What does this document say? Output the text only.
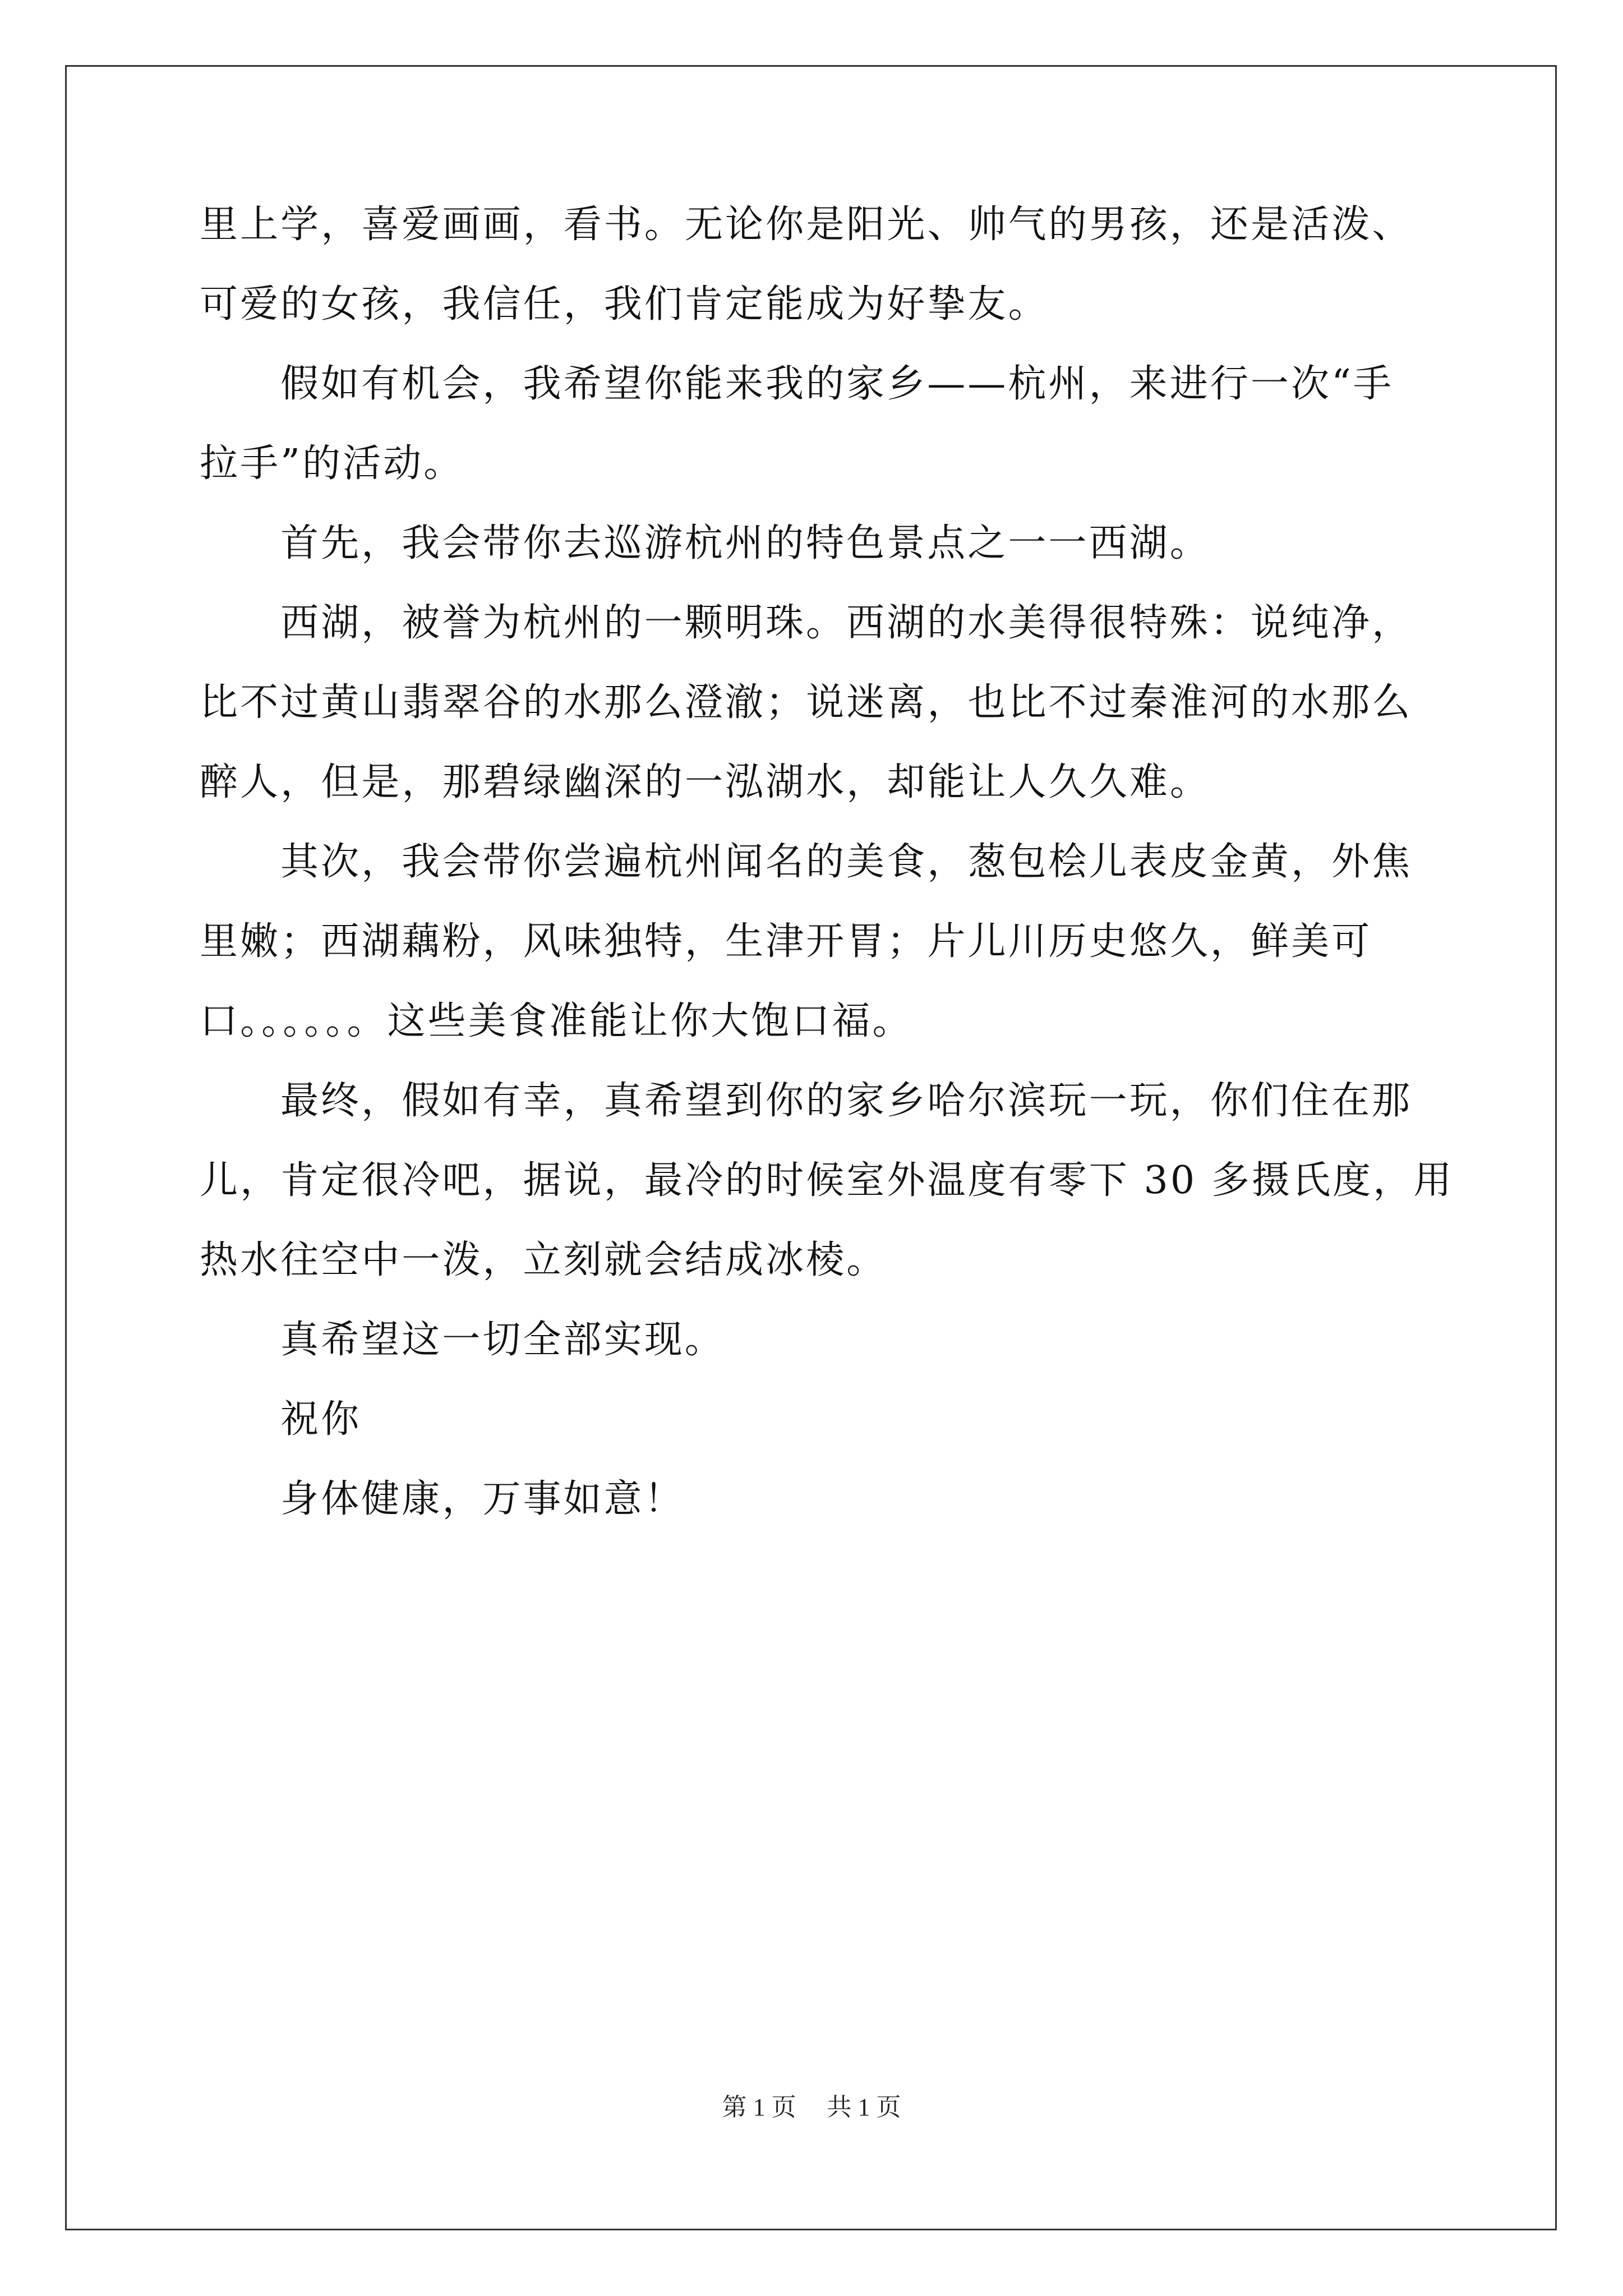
里上学，喜爱画画，看书。无论你是阳光、帅气的男孩，还是活泼、
可爱的女孩，我信任，我们肯定能成为好挚友。
假如有机会，我希望你能来我的家乡——杭州，来进行一次“手
拉手”的活动。
首先，我会带你去巡游杭州的特色景点之一一西湖。
西湖，被誉为杭州的一颗明珠。西湖的水美得很特殊：说纯净，
比不过黄山翡翠谷的水那么澄澈；说迷离，也比不过秦淮河的水那么
醉人，但是，那碧绿幽深的一泓湖水，却能让人久久难。
其次，我会带你尝遍杭州闻名的美食，葱包桧儿表皮金黄，外焦
里嫩；西湖藕粉，风味独特，生津开胃；片儿川历史悠久，鲜美可
口。。。。。。这些美食准能让你大饱口福。
最终，假如有幸，真希望到你的家乡哈尔滨玩一玩，你们住在那
儿，肯定很冷吧，据说，最冷的时候室外温度有零下 30 多摄氏度，用
热水往空中一泼，立刻就会结成冰棱。
真希望这一切全部实现。
祝你
身体健康，万事如意！
第 1 页 共 1 页
